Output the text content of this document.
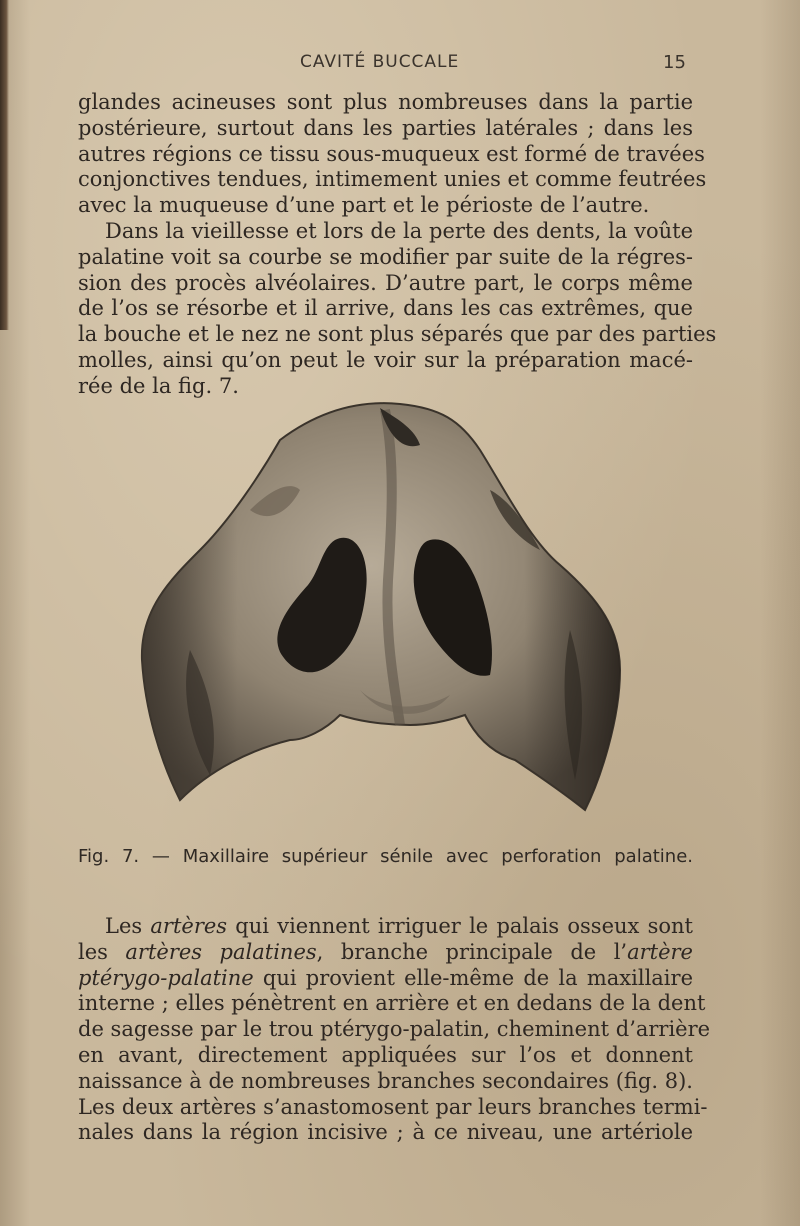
CAVITÉ BUCCALE	15
glandes acineuses sont plus nombreuses dans la partie
postérieure, surtout dans les parties latérales ; dans les
autres régions ce tissu sous-muqueux est formé de travées
conjonctives tendues, intimement unies et comme feutrées
avec la muqueuse d’une part et le périoste de l’autre.
Dans la vieillesse et lors de la perte des dents, la voûte
palatine voit sa courbe se modifier par suite de la régres-
sion des procès alvéolaires. D’autre part, le corps même
de l’os se résorbe et il arrive, dans les cas extrêmes, que
la bouche et le nez ne sont plus séparés que par des parties
molles, ainsi qu’on peut le voir sur la préparation macé-
rée de la fig. 7.
Fig. 7. — Maxillaire supérieur sénile avec perforation palatine.
Les artères qui viennent irriguer le palais osseux sont
les artères palatines, branche principale de l’artère
ptérygo-palatine qui provient elle-même de la maxillaire
interne ; elles pénètrent en arrière et en dedans de la dent
de sagesse par le trou ptérygo-palatin, cheminent d’arrière
en avant, directement appliquées sur l’os et donnent
naissance à de nombreuses branches secondaires (fig. 8).
Les deux artères s’anastomosent par leurs branches termi-
nales dans la région incisive ; à ce niveau, une artériole
